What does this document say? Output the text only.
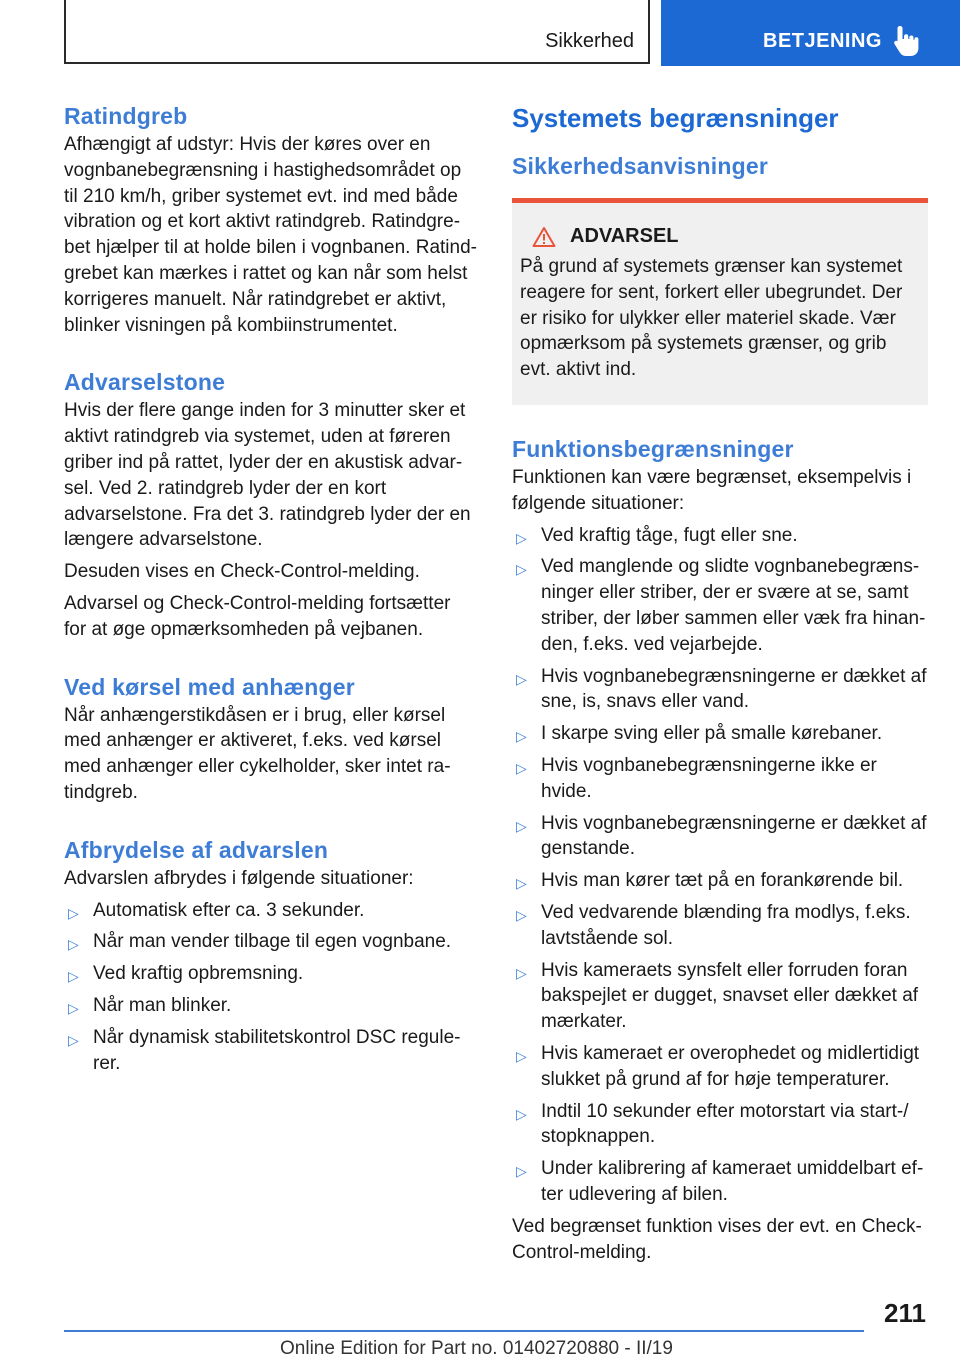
Sikkerhed	BETJENING
Ratindgreb

Afhængigt af udstyr: Hvis der køres over en vognbanebegrænsning i hastighedsområdet op til 210 km/h, griber systemet evt. ind med både vibration og et kort aktivt ratindgreb. Ratindgrebet hjælper til at holde bilen i vognbanen. Ratindgrebet kan mærkes i rattet og kan når som helst korrigeres manuelt. Når ratindgrebet er aktivt, blinker visningen på kombiinstrumentet.

Advarselstone

Hvis der flere gange inden for 3 minutter sker et aktivt ratindgreb via systemet, uden at føreren griber ind på rattet, lyder der en akustisk advarsel. Ved 2. ratindgreb lyder der en kort advarselstone. Fra det 3. ratindgreb lyder der en længere advarselstone.

Desuden vises en Check-Control-melding.

Advarsel og Check-Control-melding fortsætter for at øge opmærksomheden på vejbanen.

Ved kørsel med anhænger

Når anhængerstikdåsen er i brug, eller kørsel med anhænger er aktiveret, f.eks. ved kørsel med anhænger eller cykelholder, sker intet ratindgreb.

Afbrydelse af advarslen

Advarslen afbrydes i følgende situationer:

▷ Automatisk efter ca. 3 sekunder.
▷ Når man vender tilbage til egen vognbane.
▷ Ved kraftig opbremsning.
▷ Når man blinker.
▷ Når dynamisk stabilitetskontrol DSC regulerer.
Systemets begrænsninger
Sikkerhedsanvisninger
ADVARSEL

På grund af systemets grænser kan systemet reagere for sent, forkert eller ubegrundet. Der er risiko for ulykker eller materiel skade. Vær opmærksom på systemets grænser, og grib evt. aktivt ind.

Funktionsbegrænsninger

Funktionen kan være begrænset, eksempelvis i følgende situationer:

▷ Ved kraftig tåge, fugt eller sne.
▷ Ved manglende og slidte vognbanebegrænsninger eller striber, der er svære at se, samt striber, der løber sammen eller væk fra hinanden, f.eks. ved vejarbejde.
▷ Hvis vognbanebegrænsningerne er dækket af sne, is, snavs eller vand.
▷ I skarpe sving eller på smalle kørebaner.
▷ Hvis vognbanebegrænsningerne ikke er hvide.
▷ Hvis vognbanebegrænsningerne er dækket af genstande.
▷ Hvis man kører tæt på en forankørende bil.
▷ Ved vedvarende blænding fra modlys, f.eks. lavtstående sol.
▷ Hvis kameraets synsfelt eller forruden foran bakspejlet er dugget, snavset eller dækket af mærkater.
▷ Hvis kameraet er overophedet og midlertidigt slukket på grund af for høje temperaturer.
▷ Indtil 10 sekunder efter motorstart via start-/ stopknappen.
▷ Under kalibrering af kameraet umiddelbart efter udlevering af bilen.

Ved begrænset funktion vises der evt. en Check-Control-melding.

211
Online Edition for Part no. 01402720880 - II/19
